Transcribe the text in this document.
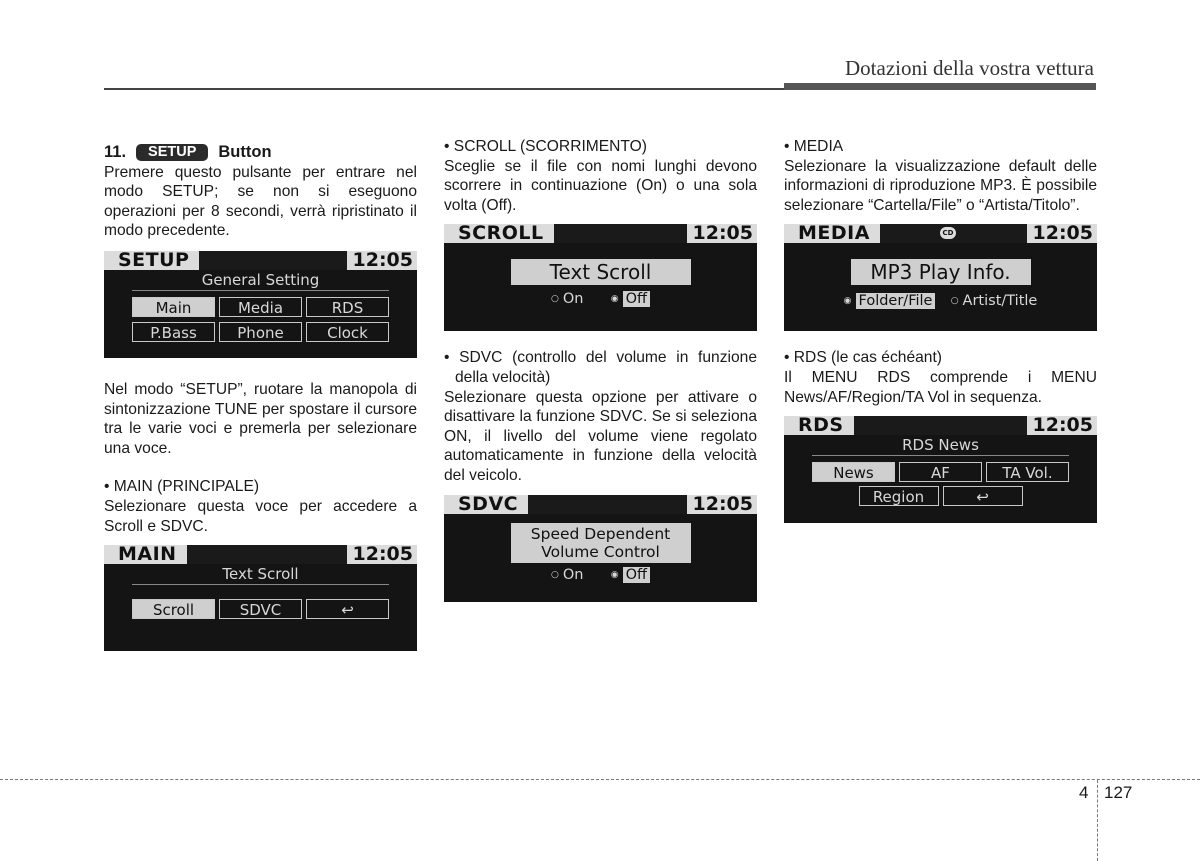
Dotazioni della vostra vettura
11.	SETUP	Button

Premere questo pulsante per entrare nel modo SETUP; se non si eseguono operazioni per 8 secondi, verrà ripristinato il modo precedente.

SETUP	12:05
General Setting
Main	Media	RDS
P.Bass	Phone	Clock

Nel modo “SETUP”, ruotare la manopola di sintonizzazione TUNE per spostare il cursore tra le varie voci e premerla per selezionare una voce.

• MAIN (PRINCIPALE)

Selezionare questa voce per accedere a Scroll e SDVC.

MAIN	12:05
Text Scroll
Scroll	SDVC	↩

• SCROLL (SCORRIMENTO)

Sceglie se il file con nomi lunghi devono scorrere in continuazione (On) o una sola volta (Off).

SCROLL	12:05
Text Scroll
○ On	◉ Off

• SDVC (controllo del volume in funzione della velocità)

Selezionare questa opzione per attivare o disattivare la funzione SDVC. Se si seleziona ON, il livello del volume viene regolato automaticamente in funzione della velocità del veicolo.

SDVC	12:05
Speed Dependent
Volume Control
○ On	◉ Off

• MEDIA

Selezionare la visualizzazione default delle informazioni di riproduzione MP3. È possibile selezionare “Cartella/File” o “Artista/Titolo”.

MEDIA	CD	12:05
MP3 Play Info.
◉ Folder/File ○ Artist/Title

• RDS (le cas échéant)

Il MENU RDS comprende i MENU News/AF/Region/TA Vol in sequenza.

RDS	12:05
RDS News
News	AF	TA Vol.
Region	↩
4 127
